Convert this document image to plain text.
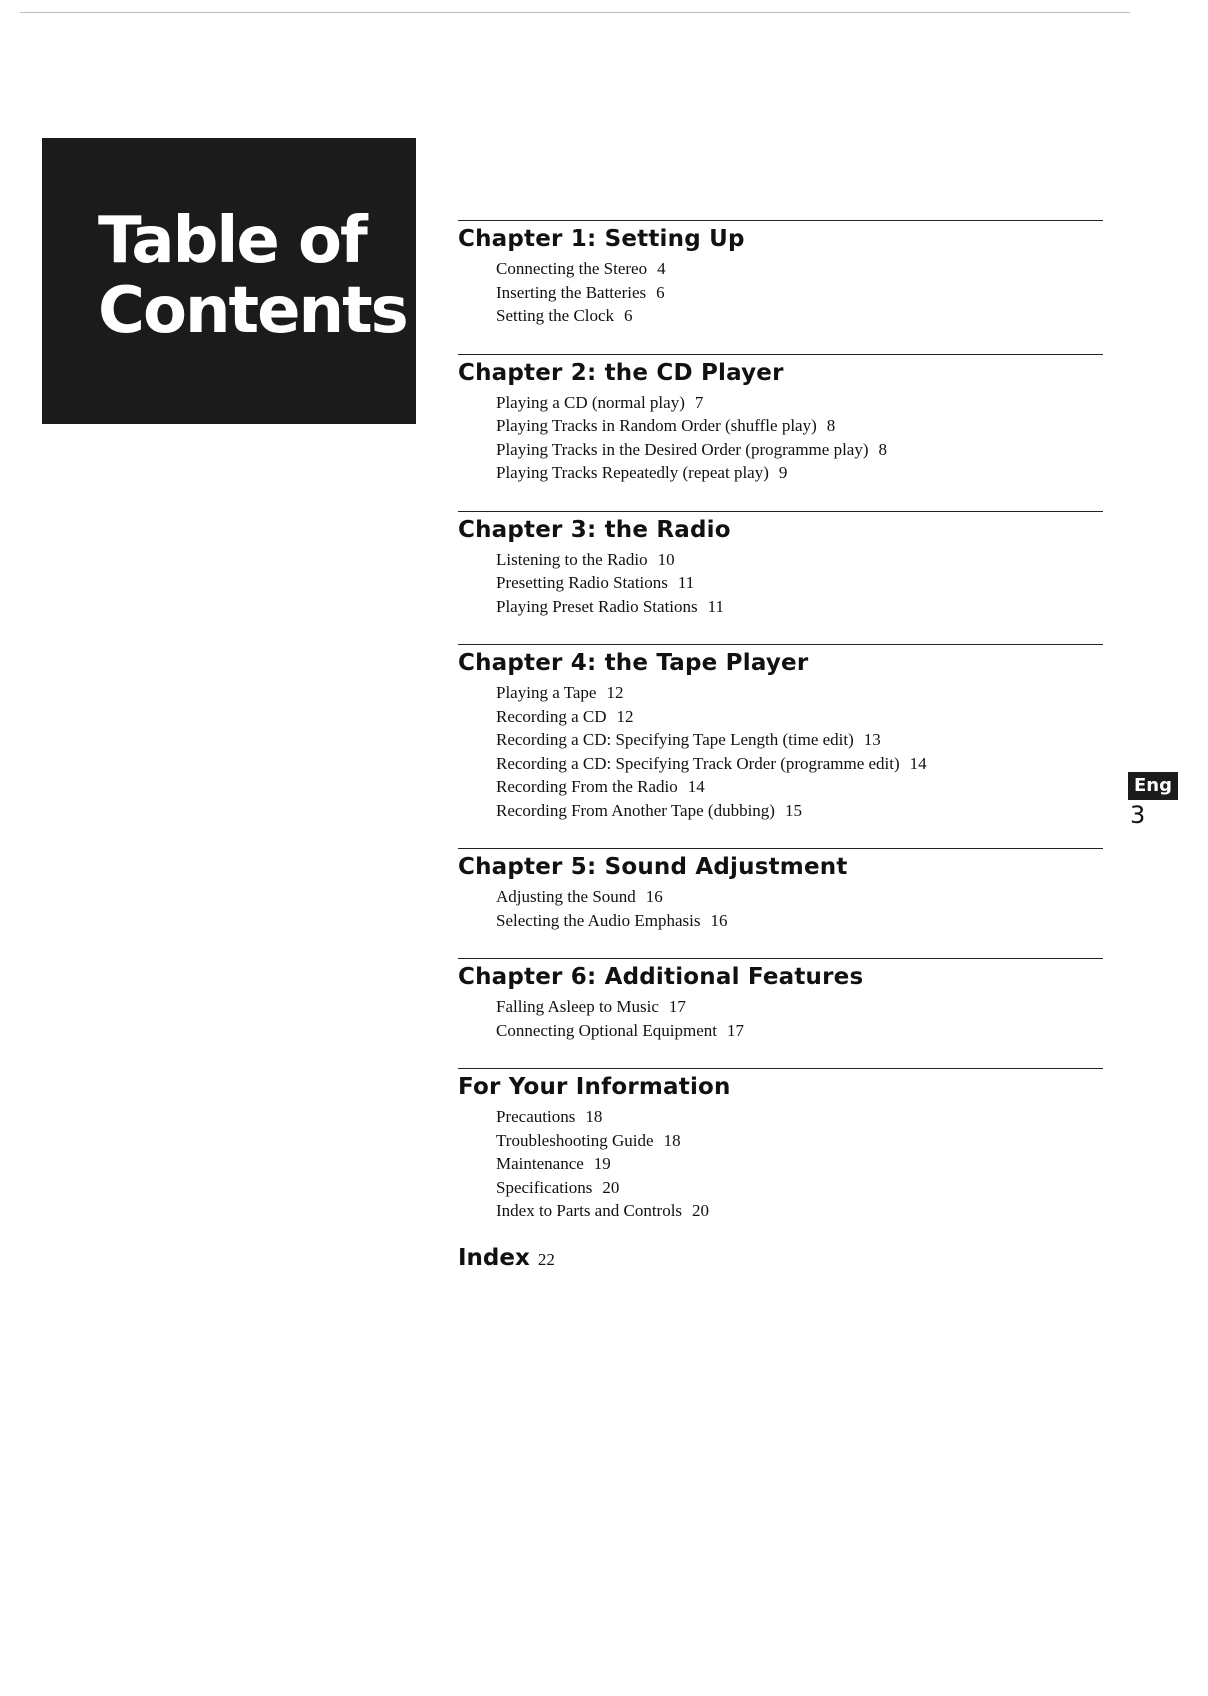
Table of
Contents
Chapter 1: Setting Up
Connecting the Stereo 4
Inserting the Batteries 6
Setting the Clock 6
Chapter 2: the CD Player
Playing a CD (normal play) 7
Playing Tracks in Random Order (shuffle play) 8
Playing Tracks in the Desired Order (programme play) 8
Playing Tracks Repeatedly (repeat play) 9
Chapter 3: the Radio
Listening to the Radio 10
Presetting Radio Stations 11
Playing Preset Radio Stations 11
Chapter 4: the Tape Player
Playing a Tape 12
Recording a CD 12
Recording a CD: Specifying Tape Length (time edit) 13
Recording a CD: Specifying Track Order (programme edit) 14
Recording From the Radio 14
Recording From Another Tape (dubbing) 15
Chapter 5: Sound Adjustment
Adjusting the Sound 16
Selecting the Audio Emphasis 16
Chapter 6: Additional Features
Falling Asleep to Music 17
Connecting Optional Equipment 17
For Your Information
Precautions 18
Troubleshooting Guide 18
Maintenance 19
Specifications 20
Index to Parts and Controls 20
Index 22
Eng
3
